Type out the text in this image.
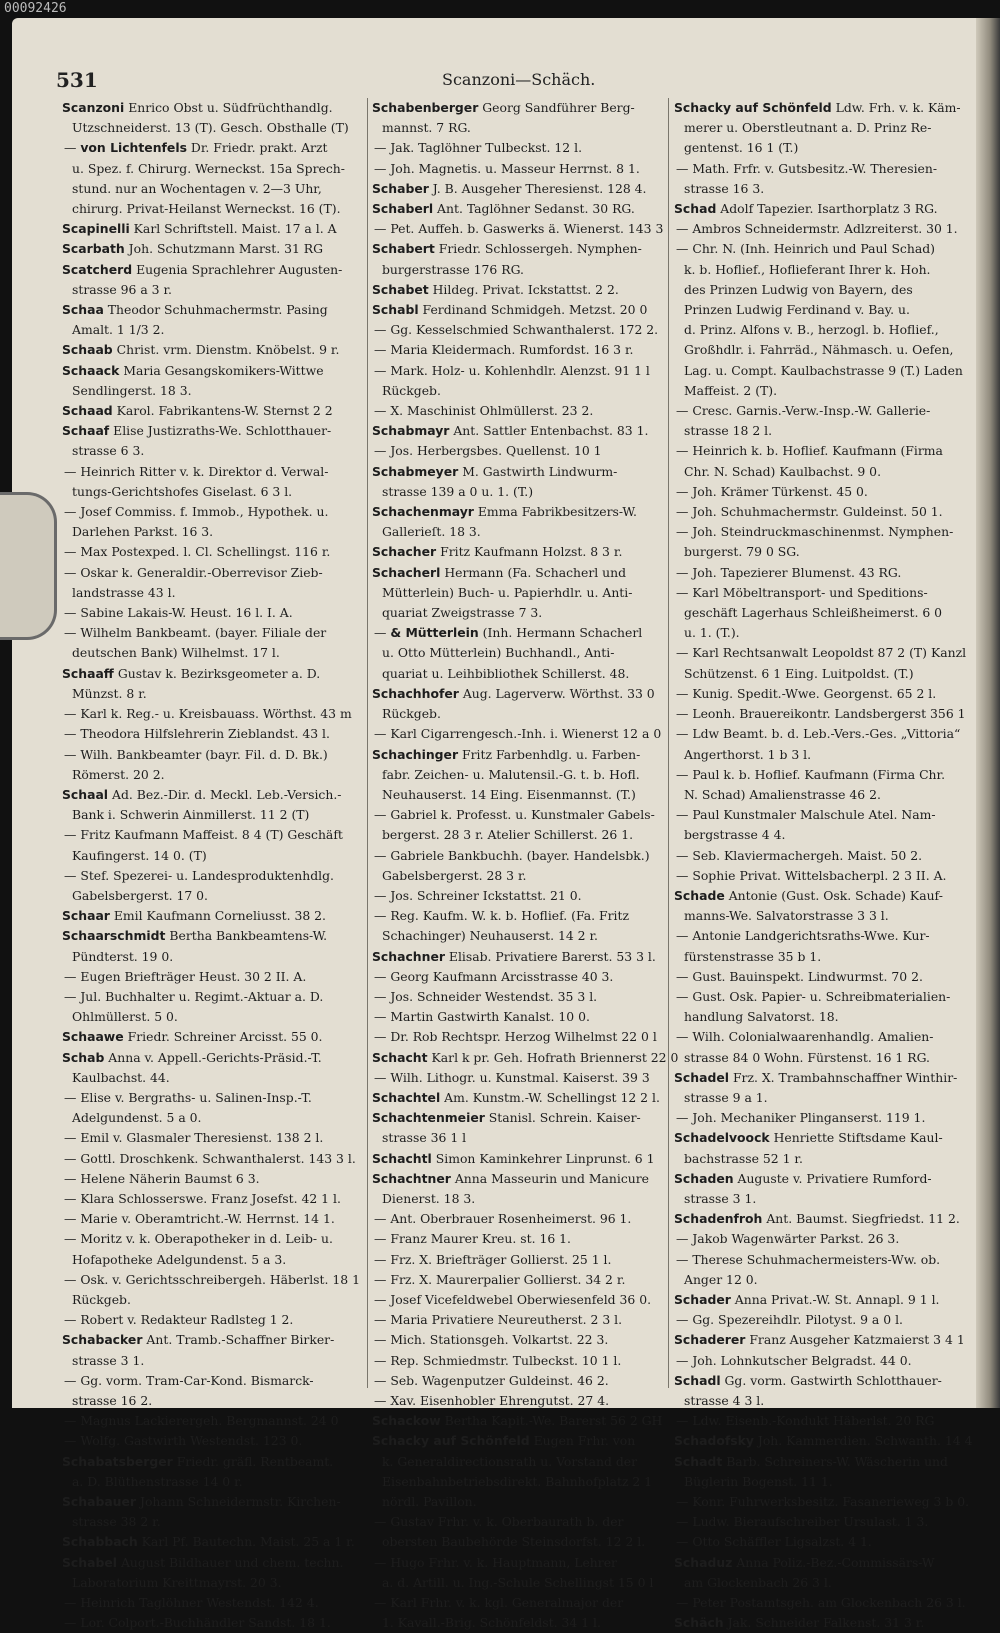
00092426
531	Scanzoni—Schäch.
Scanzoni Enrico Obst u. Südfrüchthandlg.
Utzschneiderst. 13 (T). Gesch. Obsthalle (T)
— von Lichtenfels Dr. Friedr. prakt. Arzt
u. Spez. f. Chirurg. Werneckst. 15a Sprech-
stund. nur an Wochentagen v. 2—3 Uhr,
chirurg. Privat-Heilanst Werneckst. 16 (T).
Scapinelli Karl Schriftstell. Maist. 17 a l. A
Scarbath Joh. Schutzmann Marst. 31 RG
Scatcherd Eugenia Sprachlehrer Augusten-
strasse 96 a 3 r.
Schaa Theodor Schuhmachermstr. Pasing
Amalt. 1 1/3 2.
Schaab Christ. vrm. Dienstm. Knöbelst. 9 r.
Schaack Maria Gesangskomikers-Wittwe
Sendlingerst. 18 3.
Schaad Karol. Fabrikantens-W. Sternst 2 2
Schaaf Elise Justizraths-We. Schlotthauer-
strasse 6 3.
— Heinrich Ritter v. k. Direktor d. Verwal-
tungs-Gerichtshofes Giselast. 6 3 l.
— Josef Commiss. f. Immob., Hypothek. u.
Darlehen Parkst. 16 3.
— Max Postexped. l. Cl. Schellingst. 116 r.
— Oskar k. Generaldir.-Oberrevisor Zieb-
landstrasse 43 l.
— Sabine Lakais-W. Heust. 16 l. I. A.
— Wilhelm Bankbeamt. (bayer. Filiale der
deutschen Bank) Wilhelmst. 17 l.
Schaaff Gustav k. Bezirksgeometer a. D.
Münzst. 8 r.
— Karl k. Reg.- u. Kreisbauass. Wörthst. 43 m
— Theodora Hilfslehrerin Zieblandst. 43 l.
— Wilh. Bankbeamter (bayr. Fil. d. D. Bk.)
Römerst. 20 2.
Schaal Ad. Bez.-Dir. d. Meckl. Leb.-Versich.-
Bank i. Schwerin Ainmillerst. 11 2 (T)
— Fritz Kaufmann Maffeist. 8 4 (T) Geschäft
Kaufingerst. 14 0. (T)
— Stef. Spezerei- u. Landesproduktenhdlg.
Gabelsbergerst. 17 0.
Schaar Emil Kaufmann Corneliusst. 38 2.
Schaarschmidt Bertha Bankbeamtens-W.
Pündterst. 19 0.
— Eugen Briefträger Heust. 30 2 II. A.
— Jul. Buchhalter u. Regimt.-Aktuar a. D.
Ohlmüllerst. 5 0.
Schaawe Friedr. Schreiner Arcisst. 55 0.
Schab Anna v. Appell.-Gerichts-Präsid.-T.
Kaulbachst. 44.
— Elise v. Bergraths- u. Salinen-Insp.-T.
Adelgundenst. 5 a 0.
— Emil v. Glasmaler Theresienst. 138 2 l.
— Gottl. Droschkenk. Schwanthalerst. 143 3 l.
— Helene Näherin Baumst 6 3.
— Klara Schlosserswe. Franz Josefst. 42 1 l.
— Marie v. Oberamtricht.-W. Herrnst. 14 1.
— Moritz v. k. Oberapotheker in d. Leib- u.
Hofapotheke Adelgundenst. 5 a 3.
— Osk. v. Gerichtsschreibergeh. Häberlst. 18 1
Rückgeb.
— Robert v. Redakteur Radlsteg 1 2.
Schabacker Ant. Tramb.-Schaffner Birker-
strasse 3 1.
— Gg. vorm. Tram-Car-Kond. Bismarck-
strasse 16 2.
— Magnus Lackierergeh. Bergmannst. 24 0
— Wolfg. Gastwirth Westendst. 123 0.
Schabatsberger Friedr. gräfl. Rentbeamt.
a. D. Blüthenstrasse 14 0 r.
Schabauer Johann Schneidermstr. Kirchen-
strasse 38 2 r.
Schabbach Karl Pf. Bautechn. Maist. 25 a 1 r.
Schabel August Bildhauer und chem. techn.
Laboratorium Kreittmayrst. 20 3.
— Heinrich Taglöhner Westendst. 142 4.
— Lor. Colport.-Buchhändler Sandst. 18 1.
Schabenberger Georg Sandführer Berg-
mannst. 7 RG.
— Jak. Taglöhner Tulbeckst. 12 l.
— Joh. Magnetis. u. Masseur Herrnst. 8 1.
Schaber J. B. Ausgeher Theresienst. 128 4.
Schaberl Ant. Taglöhner Sedanst. 30 RG.
— Pet. Auffeh. b. Gaswerks ä. Wienerst. 143 3
Schabert Friedr. Schlossergeh. Nymphen-
burgerstrasse 176 RG.
Schabet Hildeg. Privat. Ickstattst. 2 2.
Schabl Ferdinand Schmidgeh. Metzst. 20 0
— Gg. Kesselschmied Schwanthalerst. 172 2.
— Maria Kleidermach. Rumfordst. 16 3 r.
— Mark. Holz- u. Kohlenhdlr. Alenzst. 91 1 l
Rückgeb.
— X. Maschinist Ohlmüllerst. 23 2.
Schabmayr Ant. Sattler Entenbachst. 83 1.
— Jos. Herbergsbes. Quellenst. 10 1
Schabmeyer M. Gastwirth Lindwurm-
strasse 139 a 0 u. 1. (T.)
Schachenmayr Emma Fabrikbesitzers-W.
Gallerieſt. 18 3.
Schacher Fritz Kaufmann Holzst. 8 3 r.
Schacherl Hermann (Fa. Schacherl und
Mütterlein) Buch- u. Papierhdlr. u. Anti-
quariat Zweigstrasse 7 3.
— & Mütterlein (Inh. Hermann Schacherl
u. Otto Mütterlein) Buchhandl., Anti-
quariat u. Leihbibliothek Schillerst. 48.
Schachhofer Aug. Lagerverw. Wörthst. 33 0
Rückgeb.
— Karl Cigarrengesch.-Inh. i. Wienerst 12 a 0
Schachinger Fritz Farbenhdlg. u. Farben-
fabr. Zeichen- u. Malutensil.-G. t. b. Hofl.
Neuhauserst. 14 Eing. Eisenmannst. (T.)
— Gabriel k. Professt. u. Kunstmaler Gabels-
bergerst. 28 3 r. Atelier Schillerst. 26 1.
— Gabriele Bankbuchh. (bayer. Handelsbk.)
Gabelsbergerst. 28 3 r.
— Jos. Schreiner Ickstattst. 21 0.
— Reg. Kaufm. W. k. b. Hoflief. (Fa. Fritz
Schachinger) Neuhauserst. 14 2 r.
Schachner Elisab. Privatiere Barerst. 53 3 l.
— Georg Kaufmann Arcisstrasse 40 3.
— Jos. Schneider Westendst. 35 3 l.
— Martin Gastwirth Kanalst. 10 0.
— Dr. Rob Rechtspr. Herzog Wilhelmst 22 0 l
Schacht Karl k pr. Geh. Hofrath Briennerst 22 0
— Wilh. Lithogr. u. Kunstmal. Kaiserst. 39 3
Schachtel Am. Kunstm.-W. Schellingst 12 2 l.
Schachtenmeier Stanisl. Schrein. Kaiser-
strasse 36 1 l
Schachtl Simon Kaminkehrer Linprunst. 6 1
Schachtner Anna Masseurin und Manicure
Dienerst. 18 3.
— Ant. Oberbrauer Rosenheimerst. 96 1.
— Franz Maurer Kreu. st. 16 1.
— Frz. X. Briefträger Gollierst. 25 1 l.
— Frz. X. Maurerpalier Gollierst. 34 2 r.
— Josef Vicefeldwebel Oberwiesenfeld 36 0.
— Maria Privatiere Neureutherst. 2 3 l.
— Mich. Stationsgeh. Volkartst. 22 3.
— Rep. Schmiedmstr. Tulbeckst. 10 1 l.
— Seb. Wagenputzer Guldeinst. 46 2.
— Xav. Eisenhobler Ehrengutst. 27 4.
Schackow Bertha Kapit.-We. Barerst 56 2 GH
Schacky auf Schönfeld Eugen Frhr. von
k. Generaldirectionsrath u. Vorstand der
Eisenbahnbetriebsdirekt. Bahnhofplatz 2 1
nördl. Pavillon.
— Gustav Frhr. v. k. Oberbaurath b. der
obersten Baubehörde Steinsdorfst. 12 2 l.
— Hugo Frhr. v. k. Hauptmann, Lehrer
a. d. Artill. u. Ing.-Schule Schellingst 15 0 l
— Karl Frhr. v. k. kgl. Generalmajor der
1. Kavall.-Brig. Schönfeldst. 34 1 l.
Schacky auf Schönfeld Ldw. Frh. v. k. Käm-
merer u. Oberstleutnant a. D. Prinz Re-
gentenst. 16 1 (T.)
— Math. Frfr. v. Gutsbesitz.-W. Theresien-
strasse 16 3.
Schad Adolf Tapezier. Isarthorplatz 3 RG.
— Ambros Schneidermstr. Adlzreiterst. 30 1.
— Chr. N. (Inh. Heinrich und Paul Schad)
k. b. Hoflief., Hoflieferant Ihrer k. Hoh.
des Prinzen Ludwig von Bayern, des
Prinzen Ludwig Ferdinand v. Bay. u.
d. Prinz. Alfons v. B., herzogl. b. Hoflief.,
Großhdlr. i. Fahrräd., Nähmasch. u. Oefen,
Lag. u. Compt. Kaulbachstrasse 9 (T.) Laden
Maffeist. 2 (T).
— Cresc. Garnis.-Verw.-Insp.-W. Gallerie-
strasse 18 2 l.
— Heinrich k. b. Hoflief. Kaufmann (Firma
Chr. N. Schad) Kaulbachst. 9 0.
— Joh. Krämer Türkenst. 45 0.
— Joh. Schuhmachermstr. Guldeinst. 50 1.
— Joh. Steindruckmaschinenmst. Nymphen-
burgerst. 79 0 SG.
— Joh. Tapezierer Blumenst. 43 RG.
— Karl Möbeltransport- und Speditions-
geschäft Lagerhaus Schleißheimerst. 6 0
u. 1. (T.).
— Karl Rechtsanwalt Leopoldst 87 2 (T) Kanzl
Schützenst. 6 1 Eing. Luitpoldst. (T.)
— Kunig. Spedit.-Wwe. Georgenst. 65 2 l.
— Leonh. Brauereikontr. Landsbergerst 356 1
— Ldw Beamt. b. d. Leb.-Vers.-Ges. „Vittoria“
Angerthorst. 1 b 3 l.
— Paul k. b. Hoflief. Kaufmann (Firma Chr.
N. Schad) Amalienstrasse 46 2.
— Paul Kunstmaler Malschule Atel. Nam-
bergstrasse 4 4.
— Seb. Klaviermachergeh. Maist. 50 2.
— Sophie Privat. Wittelsbacherpl. 2 3 II. A.
Schade Antonie (Gust. Osk. Schade) Kauf-
manns-We. Salvatorstrasse 3 3 l.
— Antonie Landgerichtsraths-Wwe. Kur-
fürstenstrasse 35 b 1.
— Gust. Bauinspekt. Lindwurmst. 70 2.
— Gust. Osk. Papier- u. Schreibmaterialien-
handlung Salvatorst. 18.
— Wilh. Colonialwaarenhandlg. Amalien-
strasse 84 0 Wohn. Fürstenst. 16 1 RG.
Schadel Frz. X. Trambahnschaffner Winthir-
strasse 9 a 1.
— Joh. Mechaniker Plinganserst. 119 1.
Schadelvoock Henriette Stiftsdame Kaul-
bachstrasse 52 1 r.
Schaden Auguste v. Privatiere Rumford-
strasse 3 1.
Schadenfroh Ant. Baumst. Siegfriedst. 11 2.
— Jakob Wagenwärter Parkst. 26 3.
— Therese Schuhmachermeisters-Ww. ob.
Anger 12 0.
Schader Anna Privat.-W. St. Annapl. 9 1 l.
— Gg. Spezereihdlr. Pilotyst. 9 a 0 l.
Schaderer Franz Ausgeher Katzmaierst 3 4 1
— Joh. Lohnkutscher Belgradst. 44 0.
Schadl Gg. vorm. Gastwirth Schlotthauer-
strasse 4 3 l.
— Ldw. Eisenb.-Kondukt Häberlst. 20 RG
Schadofsky Joh. Kammerdien. Schwanth. 14 4
Schadt Barb. Schreiners-W. Wäscherin und
Büglerin Bogenst. 11 1.
— Konr. Fuhrwerksbesitz. Fasanerieweg 3 b 0.
— Ludw. Bieraufschreiber Ursulast. 1 3.
— Otto Schäffler Ligsalzst. 4 1.
Schaduz Anna Poliz.-Bez.-Commissärs-W
am Glockenbach 26 3 l.
— Peter Postamtsgeh. am Glockenbach 26 3 l.
Schäch Jak. Schneider Falkenst. 31 3 r.
